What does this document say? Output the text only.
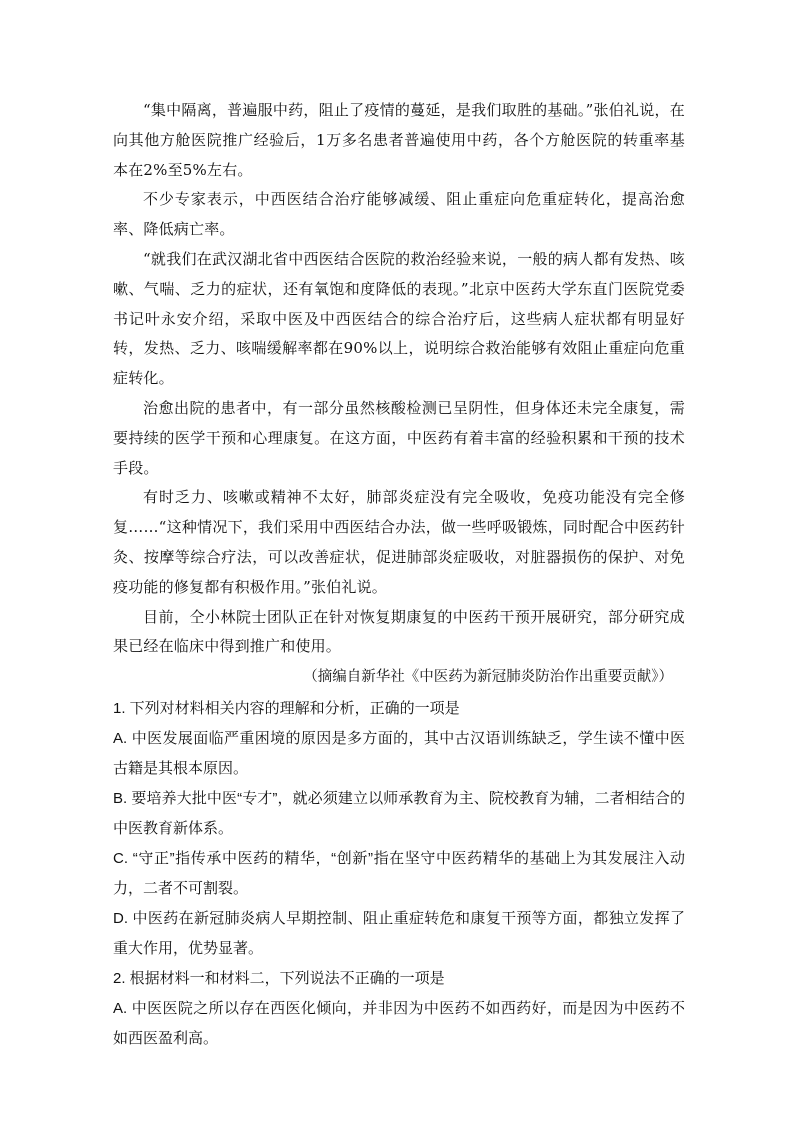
“集中隔离，普遍服中药，阻止了疫情的蔓延，是我们取胜的基础。”张伯礼说，在向其他方舱医院推广经验后，1万多名患者普遍使用中药，各个方舱医院的转重率基本在2%至5%左右。

不少专家表示，中西医结合治疗能够减缓、阻止重症向危重症转化，提高治愈率、降低病亡率。

“就我们在武汉湖北省中西医结合医院的救治经验来说，一般的病人都有发热、咳嗽、气喘、乏力的症状，还有氧饱和度降低的表现。”北京中医药大学东直门医院党委书记叶永安介绍，采取中医及中西医结合的综合治疗后，这些病人症状都有明显好转，发热、乏力、咳喘缓解率都在90%以上，说明综合救治能够有效阻止重症向危重症转化。

治愈出院的患者中，有一部分虽然核酸检测已呈阴性，但身体还未完全康复，需要持续的医学干预和心理康复。在这方面，中医药有着丰富的经验积累和干预的技术手段。

有时乏力、咳嗽或精神不太好，肺部炎症没有完全吸收，免疫功能没有完全修复……“这种情况下，我们采用中西医结合办法，做一些呼吸锻炼，同时配合中医药针灸、按摩等综合疗法，可以改善症状，促进肺部炎症吸收，对脏器损伤的保护、对免疫功能的修复都有积极作用。”张伯礼说。

目前，仝小林院士团队正在针对恢复期康复的中医药干预开展研究，部分研究成果已经在临床中得到推广和使用。

（摘编自新华社《中医药为新冠肺炎防治作出重要贡献》）

1. 下列对材料相关内容的理解和分析，正确的一项是

A. 中医发展面临严重困境的原因是多方面的，其中古汉语训练缺乏，学生读不懂中医古籍是其根本原因。

B. 要培养大批中医“专才”，就必须建立以师承教育为主、院校教育为辅，二者相结合的中医教育新体系。

C. “守正”指传承中医药的精华，“创新”指在坚守中医药精华的基础上为其发展注入动力，二者不可割裂。

D. 中医药在新冠肺炎病人早期控制、阻止重症转危和康复干预等方面，都独立发挥了重大作用，优势显著。

2. 根据材料一和材料二，下列说法不正确的一项是

A. 中医医院之所以存在西医化倾向，并非因为中医药不如西药好，而是因为中医药不如西医盈利高。
